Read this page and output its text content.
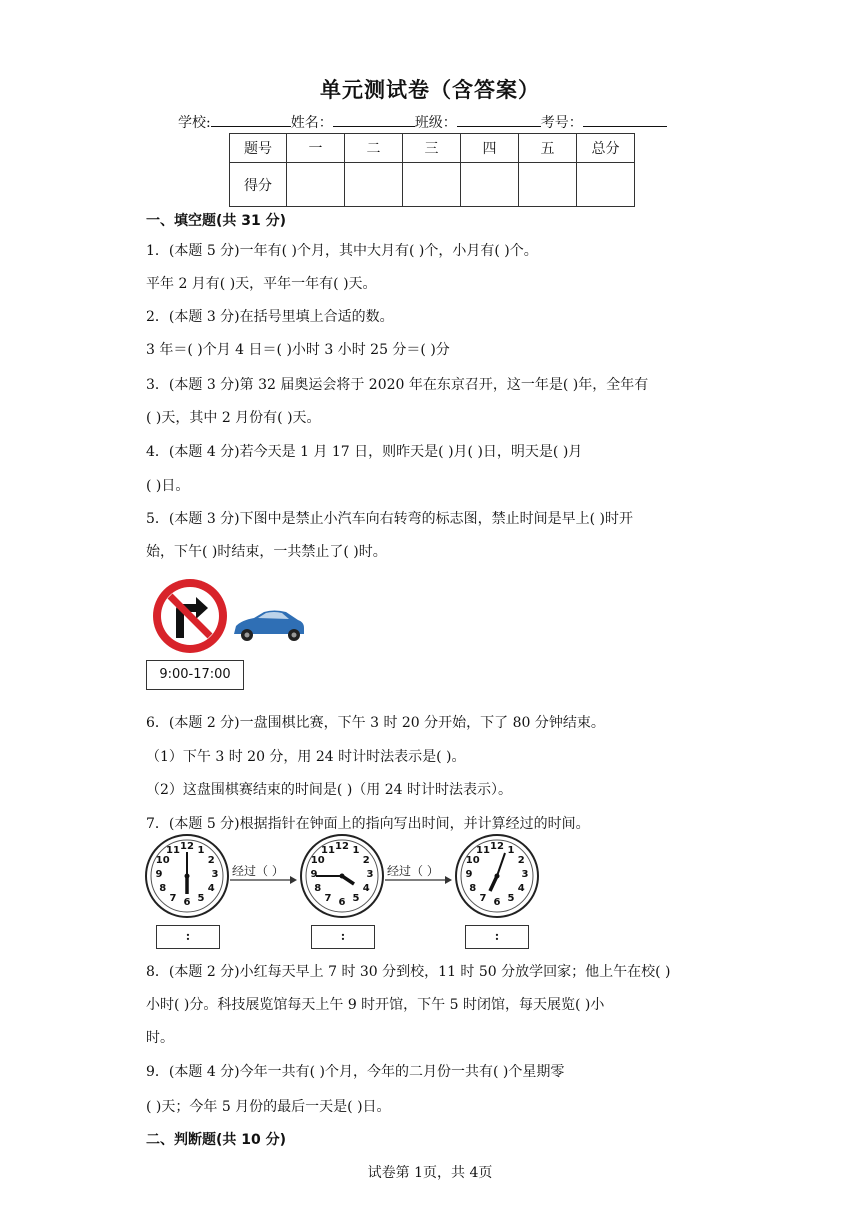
单元测试卷（含答案）
学校:	姓名：	班级：	考号：
题号	一	二	三	四	五	总分
得分						
一、填空题(共 31 分)
1．(本题 5 分)一年有( )个月，其中大月有( )个，小月有( )个。
平年 2 月有( )天，平年一年有( )天。
2．(本题 3 分)在括号里填上合适的数。
3 年＝( )个月 4 日＝( )小时 3 小时 25 分＝( )分
3．(本题 3 分)第 32 届奥运会将于 2020 年在东京召开，这一年是( )年，全年有
( )天，其中 2 月份有( )天。
4．(本题 4 分)若今天是 1 月 17 日，则昨天是( )月( )日，明天是( )月
( )日。
5．(本题 3 分)下图中是禁止小汽车向右转弯的标志图，禁止时间是早上( )时开
始，下午( )时结束，一共禁止了( )时。
9:00-17:00
6．(本题 2 分)一盘围棋比赛，下午 3 时 20 分开始，下了 80 分钟结束。
（1）下午 3 时 20 分，用 24 时计时法表示是( )。
（2）这盘围棋赛结束的时间是( )（用 24 时计时法表示）。
7．(本题 5 分)根据指针在钟面上的指向写出时间，并计算经过的时间。
12 1
2
3
4
5
6
7
8
9
10
11	12 1
2
3
4
5
6
7
8
9
10
11	12 1
2
3
4
5
6
7
8
9
10
11
经过（ ）	经过（ ）
:	:	:
8．(本题 2 分)小红每天早上 7 时 30 分到校，11 时 50 分放学回家；他上午在校( )
小时( )分。科技展览馆每天上午 9 时开馆，下午 5 时闭馆，每天展览( )小
时。
9．(本题 4 分)今年一共有( )个月，今年的二月份一共有( )个星期零
( )天；今年 5 月份的最后一天是( )日。
二、判断题(共 10 分)
试卷第 1页，共 4页
